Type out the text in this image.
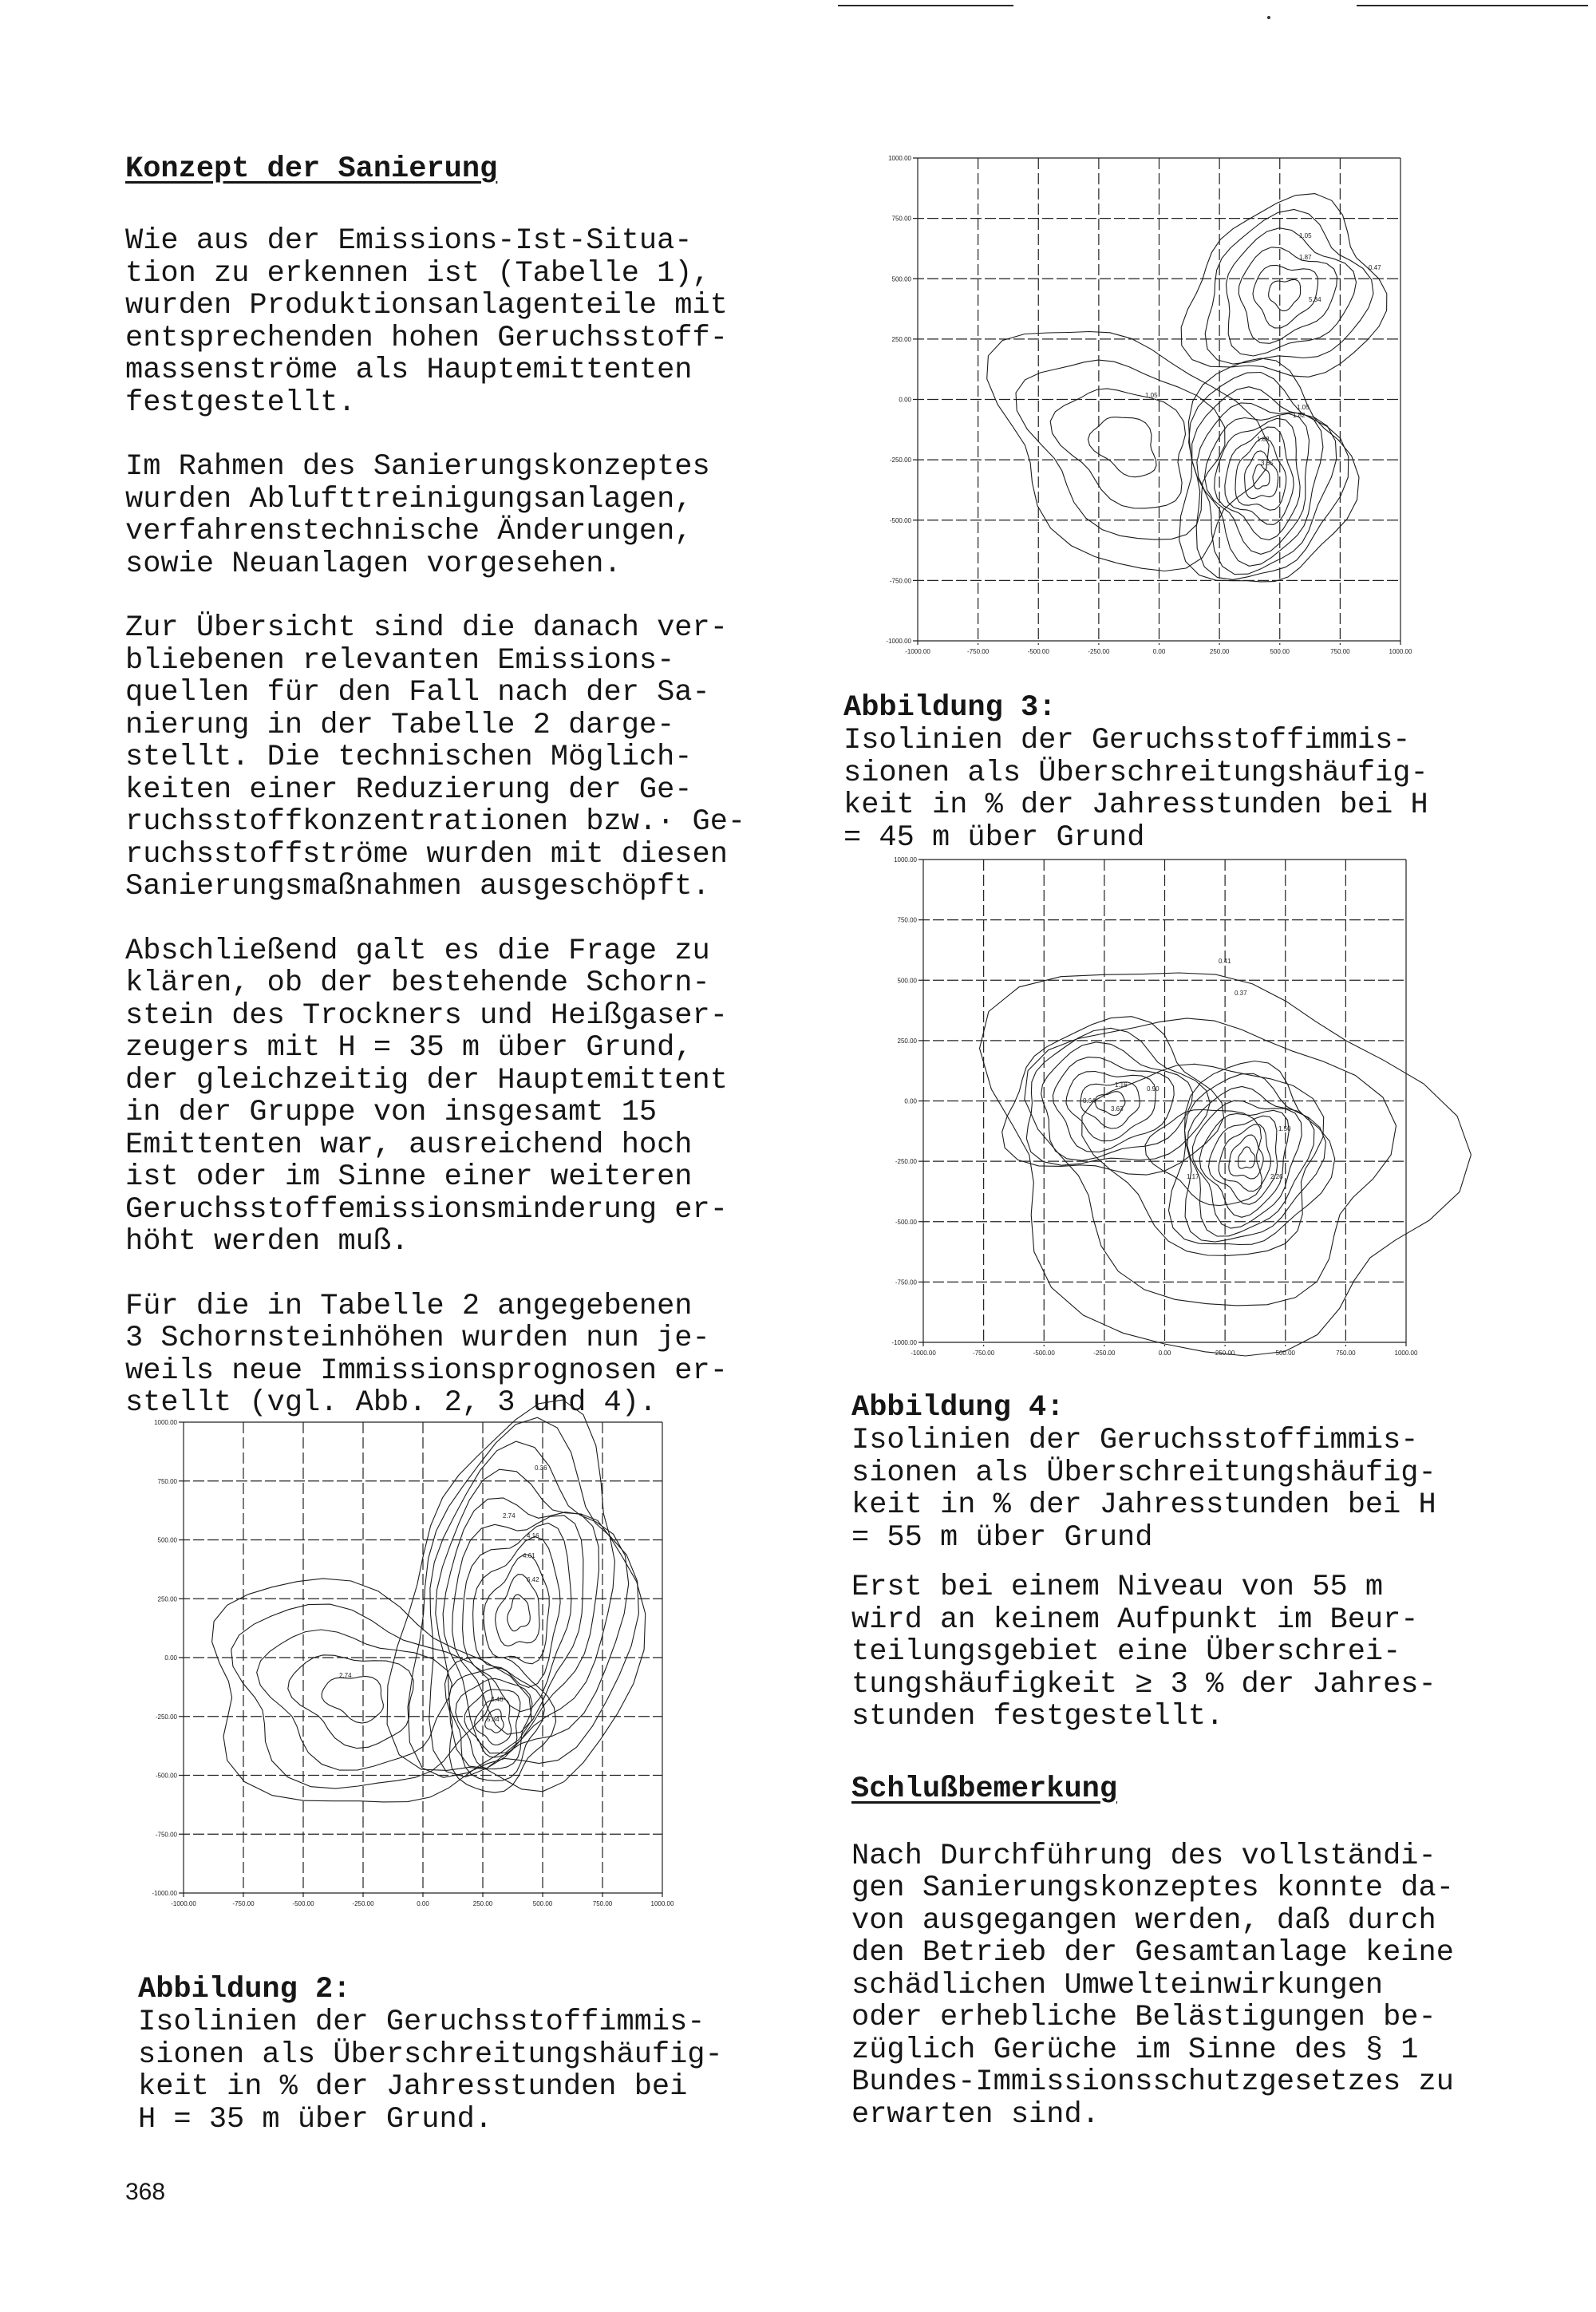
Konzept der Sanierung

Wie aus der Emissions-Ist-Situa-
tion zu erkennen ist (Tabelle 1),
wurden Produktionsanlagenteile mit
entsprechenden hohen Geruchsstoff-
massenströme als Hauptemittenten
festgestellt.

Im Rahmen des Sanierungskonzeptes
wurden Ablufttreinigungsanlagen,
verfahrenstechnische Änderungen,
sowie Neuanlagen vorgesehen.

Zur Übersicht sind die danach ver-
bliebenen relevanten Emissions-
quellen für den Fall nach der Sa-
nierung in der Tabelle 2 darge-
stellt. Die technischen Möglich-
keiten einer Reduzierung der Ge-
ruchsstoffkonzentrationen bzw.· Ge-
ruchsstoffströme wurden mit diesen
Sanierungsmaßnahmen ausgeschöpft.

Abschließend galt es die Frage zu
klären, ob der bestehende Schorn-
stein des Trockners und Heißgaser-
zeugers mit H = 35 m über Grund,
der gleichzeitig der Hauptemittent
in der Gruppe von insgesamt 15
Emittenten war, ausreichend hoch
ist oder im Sinne einer weiteren
Geruchsstoffemissionsminderung er-
höht werden muß.

Für die in Tabelle 2 angegebenen
3 Schornsteinhöhen wurden nun je-
weils neue Immissionsprognosen er-
stellt (vgl. Abb. 2, 3 und 4).

1000.00
750.00
500.00
250.00
0.00
-250.00
-500.00
-750.00
-1000.00
-1000.00	-750.00	-500.00	-250.00	0.00	250.00	500.00	750.00	1000.00
0.36
2.74
4.16
4.61
6.42
2.74
3.48
5.34
Abbildung 2:

Isolinien der Geruchsstoffimmis-
sionen als Überschreitungshäufig-
keit in % der Jahresstunden bei
H = 35 m über Grund.

1000.00
750.00
500.00
250.00
0.00
-250.00
-500.00
-750.00
-1000.00
-1000.00	-750.00	-500.00	-250.00	0.00	250.00	500.00	750.00	1000.00
1.05
1.87
5.34
0.47
1.82
1.05
1.05
1.82
3.65
Abbildung 3:

Isolinien der Geruchsstoffimmis-
sionen als Überschreitungshäufig-
keit in % der Jahresstunden bei H
= 45 m über Grund

1000.00
750.00
500.00
250.00
0.00
-250.00
-500.00
-750.00
-1000.00
-1000.00	-750.00	-500.00	-250.00	0.00	250.00	500.00	750.00	1000.00
0.41
0.37
1.16
0.90
3.63
1.50
2.26
0.64
1.17
Abbildung 4:

Isolinien der Geruchsstoffimmis-
sionen als Überschreitungshäufig-
keit in % der Jahresstunden bei H
= 55 m über Grund

Erst bei einem Niveau von 55 m
wird an keinem Aufpunkt im Beur-
teilungsgebiet eine Überschrei-
tungshäufigkeit ≥ 3 % der Jahres-
stunden festgestellt.

Schlußbemerkung

Nach Durchführung des vollständi-
gen Sanierungskonzeptes konnte da-
von ausgegangen werden, daß durch
den Betrieb der Gesamtanlage keine
schädlichen Umwelteinwirkungen
oder erhebliche Belästigungen be-
züglich Gerüche im Sinne des § 1
Bundes-Immissionsschutzgesetzes zu
erwarten sind.

368
